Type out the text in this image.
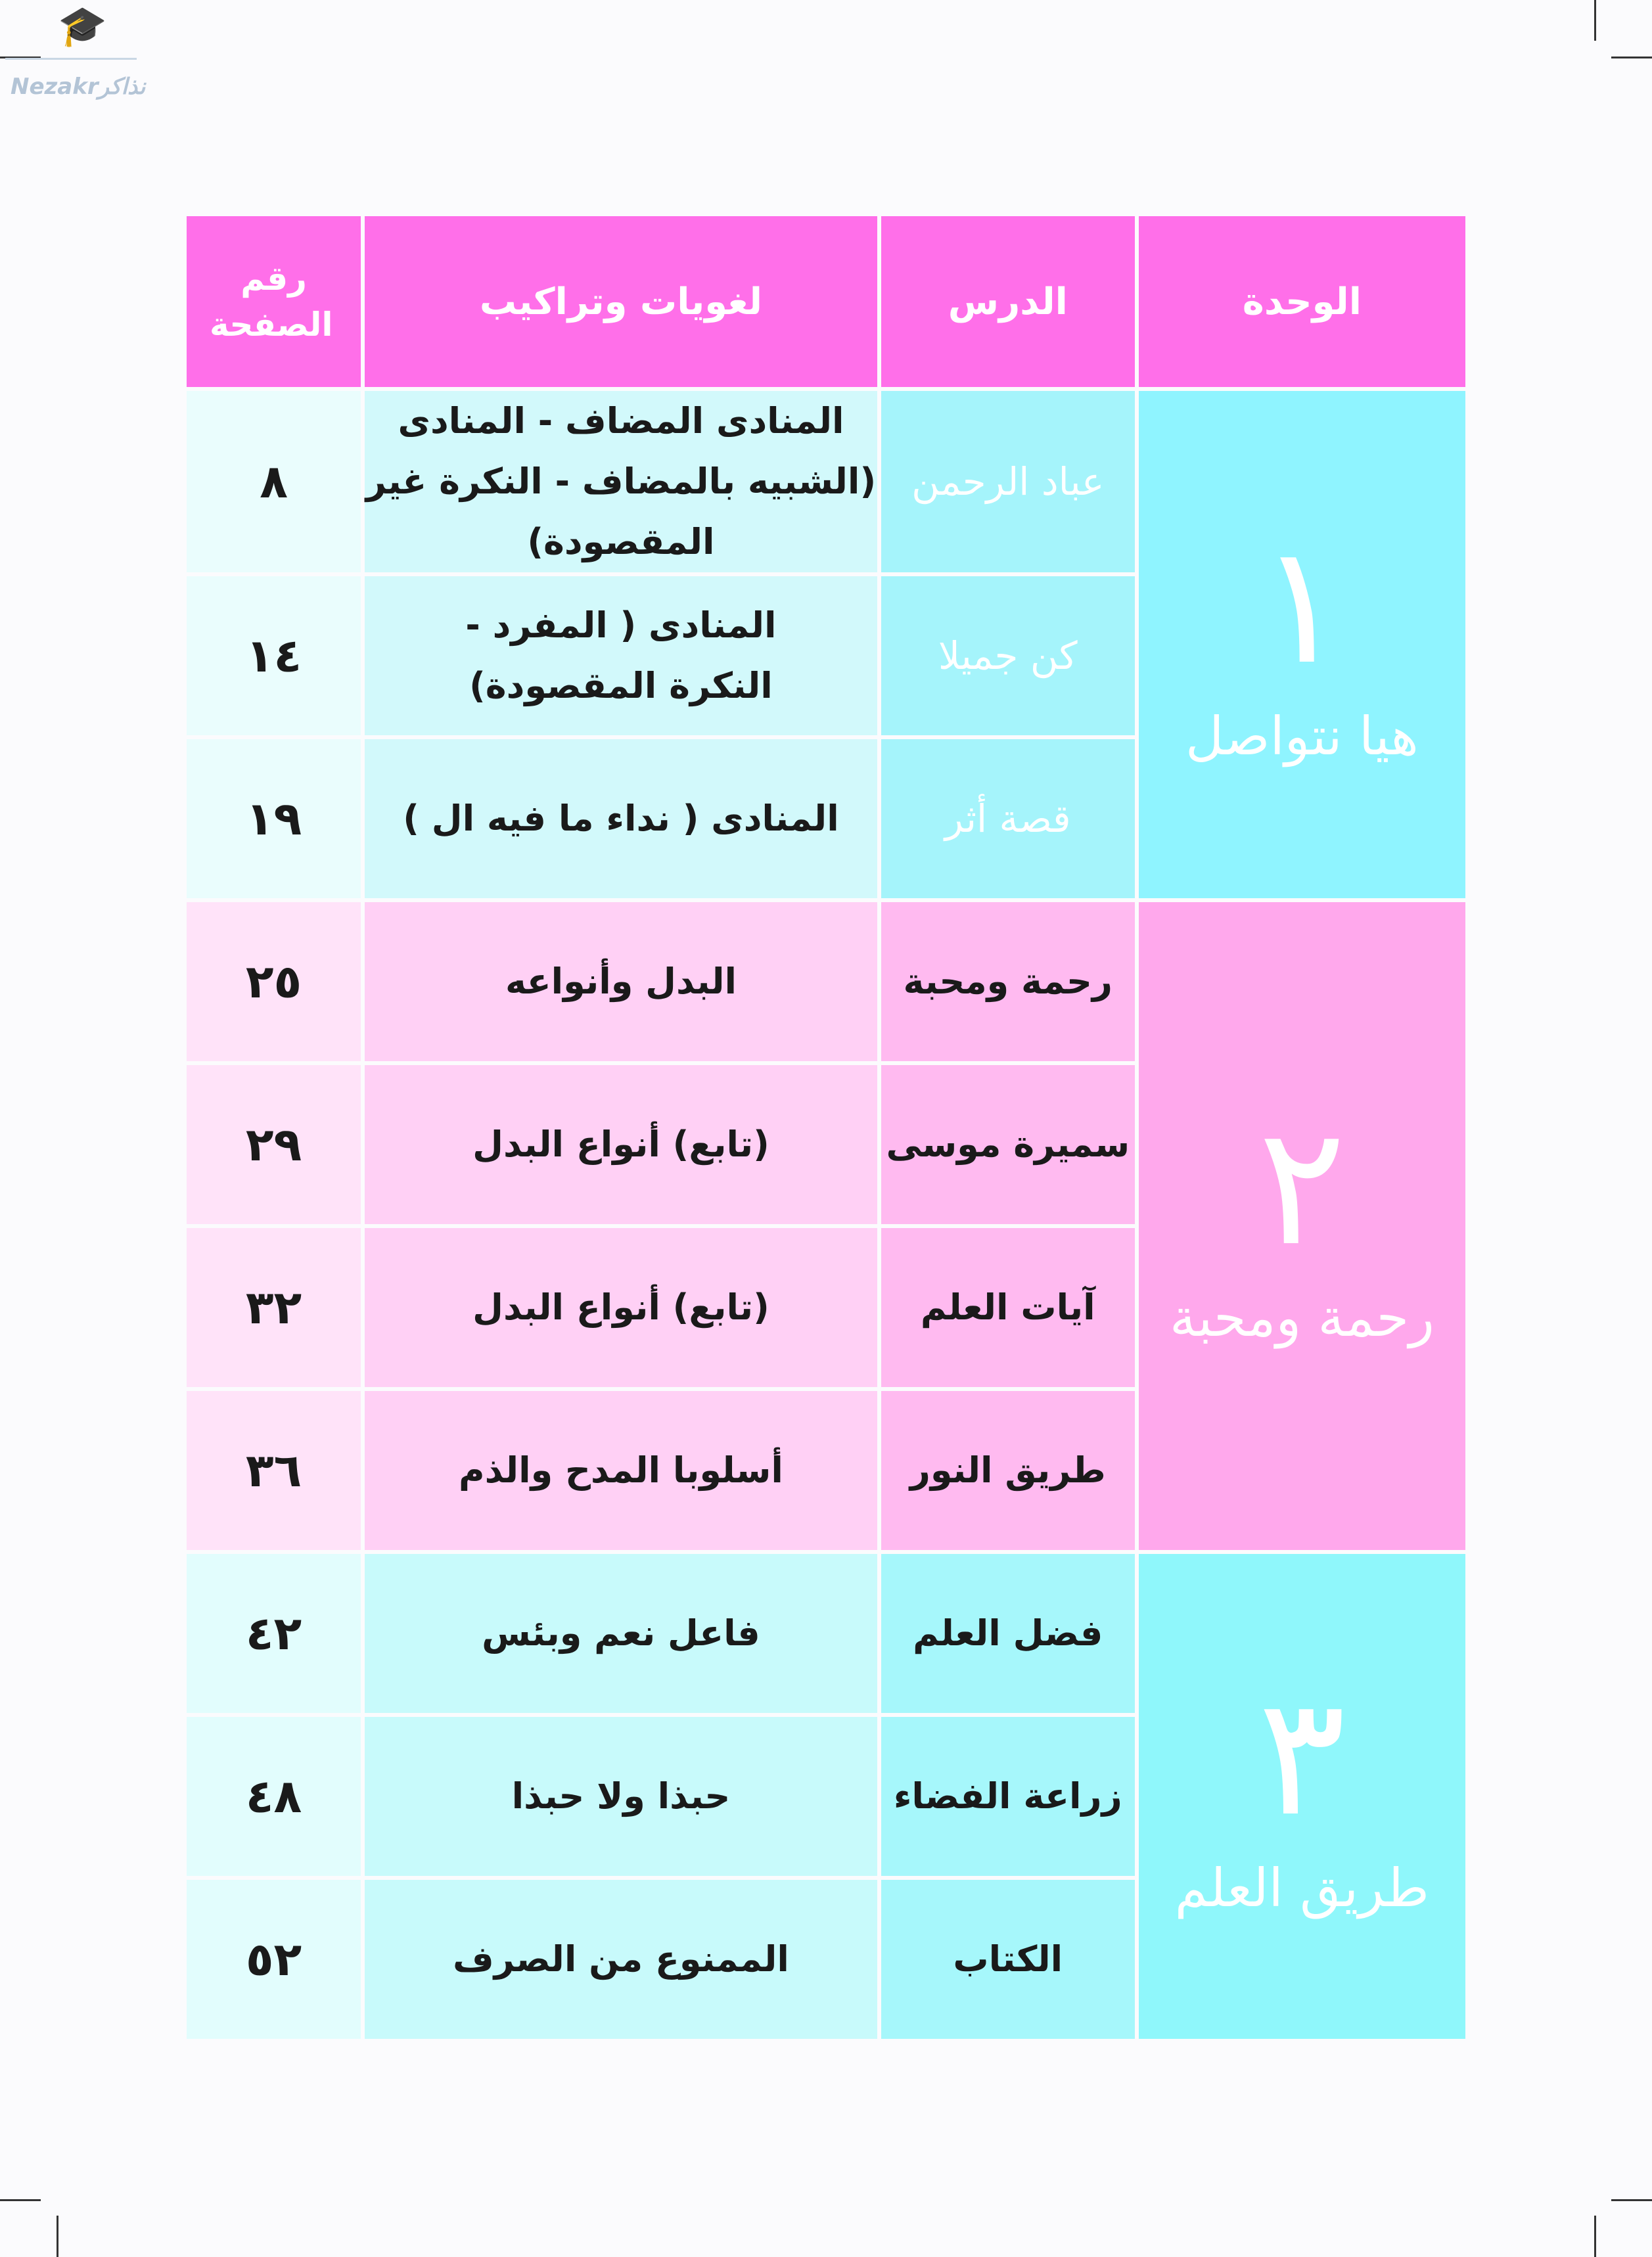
🎓
Nezakrنذاكر
الوحدة	الدرس	لغويات وتراكيب	رقم الصفحة

١
هيا نتواصل	عباد الرحمن	المنادى المضاف - المنادى (الشبيه بالمضاف - النكرة غير المقصودة)	٨
	كن جميلا	المنادى ( المفرد - النكرة المقصودة)	١٤
	قصة أثر	المنادى ( نداء ما فيه ال )	١٩

٢
رحمة ومحبة	رحمة ومحبة	البدل وأنواعه	٢٥
	سميرة موسى	(تابع) أنواع البدل	٢٩
	آيات العلم	(تابع) أنواع البدل	٣٢
	طريق النور	أسلوبا المدح والذم	٣٦

٣
طريق العلم	فضل العلم	فاعل نعم وبئس	٤٢
	زراعة الفضاء	حبذا ولا حبذا	٤٨
	الكتاب	الممنوع من الصرف	٥٢
